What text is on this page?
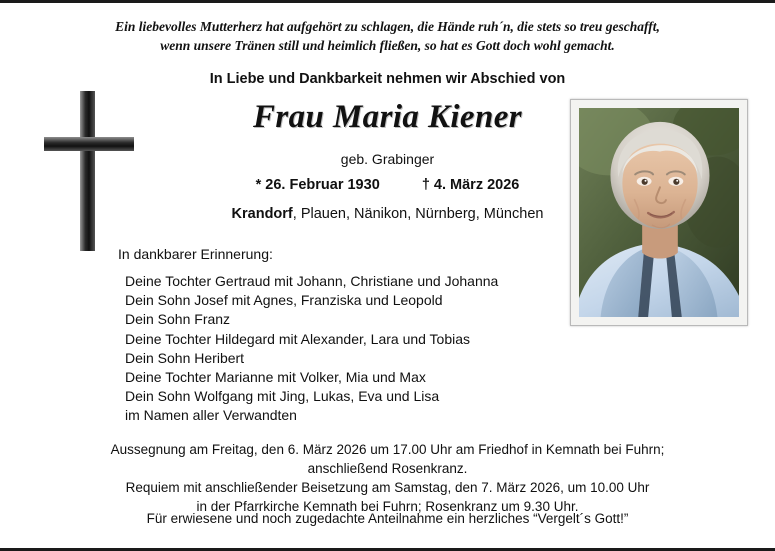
Ein liebevolles Mutterherz hat aufgehört zu schlagen, die Hände ruh´n, die stets so treu geschafft,
wenn unsere Tränen still und heimlich fließen, so hat es Gott doch wohl gemacht.
In Liebe und Dankbarkeit nehmen wir Abschied von
Frau Maria Kiener
geb. Grabinger
* 26. Februar 1930	† 4. März 2026
Krandorf, Plauen, Nänikon, Nürnberg, München
In dankbarer Erinnerung:
Deine Tochter Gertraud mit Johann, Christiane und Johanna
Dein Sohn Josef mit Agnes, Franziska und Leopold
Dein Sohn Franz
Deine Tochter Hildegard mit Alexander, Lara und Tobias
Dein Sohn Heribert
Deine Tochter Marianne mit Volker, Mia und Max
Dein Sohn Wolfgang mit Jing, Lukas, Eva und Lisa
im Namen aller Verwandten
Aussegnung am Freitag, den 6. März 2026 um 17.00 Uhr am Friedhof in Kemnath bei Fuhrn;
anschließend Rosenkranz.
Requiem mit anschließender Beisetzung am Samstag, den 7. März 2026, um 10.00 Uhr
in der Pfarrkirche Kemnath bei Fuhrn; Rosenkranz um 9.30 Uhr.
Für erwiesene und noch zugedachte Anteilnahme ein herzliches “Vergelt´s Gott!”
